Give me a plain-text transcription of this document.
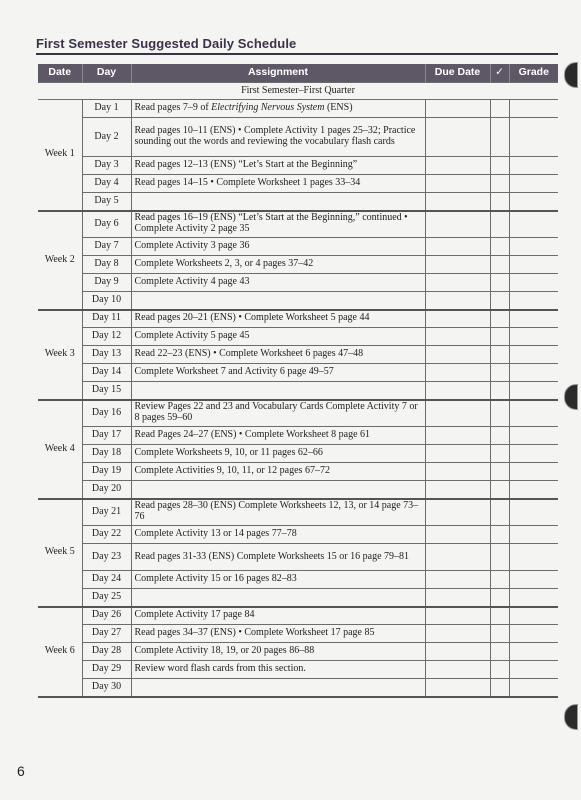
First Semester Suggested Daily Schedule
Date	Day	Assignment	Due Date	✓	Grade
First Semester–First Quarter					
Week 1	Day 1	Read pages 7–9 of Electrifying Nervous System (ENS)			
	Day 2	Read pages 10–11 (ENS) • Complete Activity 1 pages 25–32; Practice sounding out the words and reviewing the vocabulary flash cards			
	Day 3	Read pages 12–13 (ENS) “Let’s Start at the Beginning”			
	Day 4	Read pages 14–15 • Complete Worksheet 1 pages 33–34			
	Day 5				
Week 2	Day 6	Read pages 16–19 (ENS) “Let’s Start at the Beginning,” continued • Complete Activity 2 page 35			
	Day 7	Complete Activity 3 page 36			
	Day 8	Complete Worksheets 2, 3, or 4 pages 37–42			
	Day 9	Complete Activity 4 page 43			
	Day 10				
Week 3	Day 11	Read pages 20–21 (ENS) • Complete Worksheet 5 page 44			
	Day 12	Complete Activity 5 page 45			
	Day 13	Read 22–23 (ENS) • Complete Worksheet 6 pages 47–48			
	Day 14	Complete Worksheet 7 and Activity 6 page 49–57			
	Day 15				
Week 4	Day 16	Review Pages 22 and 23 and Vocabulary Cards Complete Activity 7 or 8 pages 59–60			
	Day 17	Read Pages 24–27 (ENS) • Complete Worksheet 8 page 61			
	Day 18	Complete Worksheets 9, 10, or 11 pages 62–66			
	Day 19	Complete Activities 9, 10, 11, or 12 pages 67–72			
	Day 20				
Week 5	Day 21	Read pages 28–30 (ENS) Complete Worksheets 12, 13, or 14 page 73–76			
	Day 22	Complete Activity 13 or 14 pages 77–78			
	Day 23	Read pages 31-33 (ENS) Complete Worksheets 15 or 16 page 79–81			
	Day 24	Complete Activity 15 or 16 pages 82–83			
	Day 25				
Week 6	Day 26	Complete Activity 17 page 84			
	Day 27	Read pages 34–37 (ENS) • Complete Worksheet 17 page 85			
	Day 28	Complete Activity 18, 19, or 20 pages 86–88			
	Day 29	Review word flash cards from this section.			
	Day 30				
6
